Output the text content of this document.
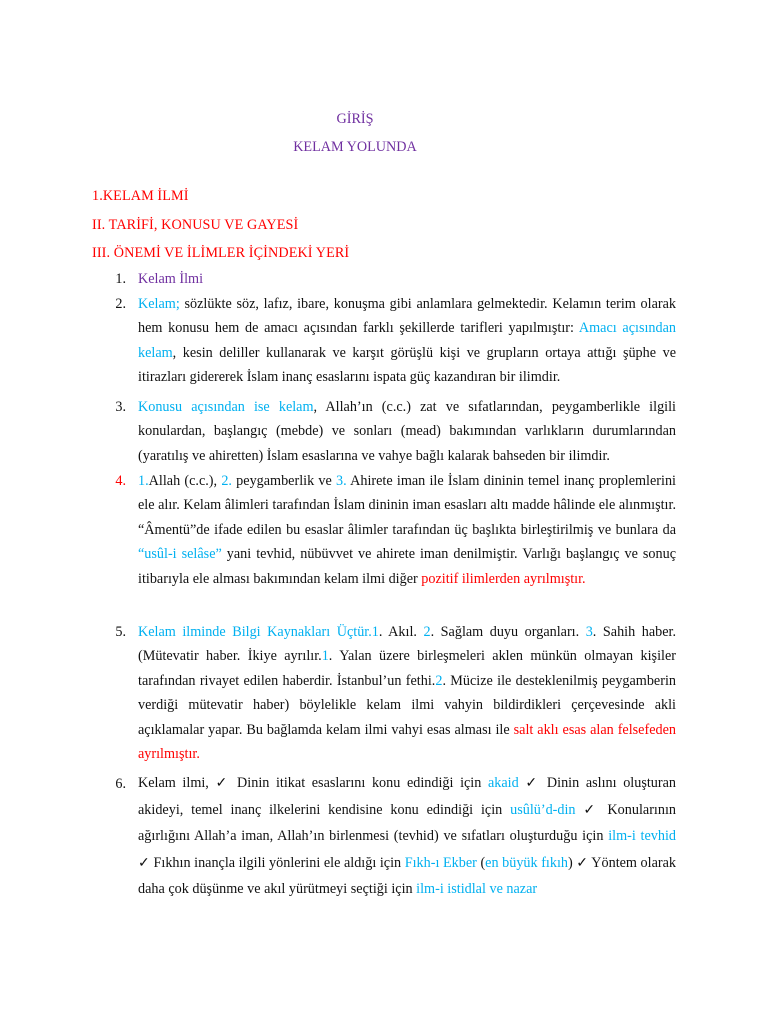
GİRİŞ
KELAM YOLUNDA
1.KELAM İLMİ
II. TARİFİ, KONUSU VE GAYESİ
III. ÖNEMİ VE İLİMLER İÇİNDEKİ YERİ
1. Kelam İlmi
2. Kelam; sözlükte söz, lafız, ibare, konuşma gibi anlamlara gelmektedir. Kelamın terim olarak hem konusu hem de amacı açısından farklı şekillerde tarifleri yapılmıştır: Amacı açısından kelam, kesin deliller kullanarak ve karşıt görüşlü kişi ve grupların ortaya attığı şüphe ve itirazları gidererek İslam inanç esaslarını ispata güç kazandıran bir ilimdir.
3. Konusu açısından ise kelam, Allah’ın (c.c.) zat ve sıfatlarından, peygamberlikle ilgili konulardan, başlangıç (mebde) ve sonları (mead) bakımından varlıkların durumlarından (yaratılış ve ahiretten) İslam esaslarına ve vahye bağlı kalarak bahseden bir ilimdir.
4. 1.Allah (c.c.), 2. peygamberlik ve 3. Ahirete iman ile İslam dininin temel inanç proplemlerini ele alır. Kelam âlimleri tarafından İslam dininin iman esasları altı madde hâlinde ele alınmıştır. “Âmentü”de ifade edilen bu esaslar âlimler tarafından üç başlıkta birleştirilmiş ve bunlara da “usûl-i selâse” yani tevhid, nübüvvet ve ahirete iman denilmiştir. Varlığı başlangıç ve sonuç itibarıyla ele alması bakımından kelam ilmi diğer pozitif ilimlerden ayrılmıştır.
5. Kelam ilminde Bilgi Kaynakları Üçtür.1. Akıl. 2. Sağlam duyu organları. 3. Sahih haber. (Mütevatir haber. İkiye ayrılır.1. Yalan üzere birleşmeleri aklen münkün olmayan kişiler tarafından rivayet edilen haberdir. İstanbul’un fethi.2. Mücize ile desteklenilmiş peygamberin verdiği mütevatir haber) böylelikle kelam ilmi vahyin bildirdikleri çerçevesinde akli açıklamalar yapar. Bu bağlamda kelam ilmi vahyi esas alması ile salt aklı esas alan felsefeden ayrılmıştır.
6. Kelam ilmi, ✓ Dinin itikat esaslarını konu edindiği için akaid ✓ Dinin aslını oluşturan akideyi, temel inanç ilkelerini kendisine konu edindiği için usûlü’d-din ✓ Konularının ağırlığını Allah’a iman, Allah’ın birlenmesi (tevhid) ve sıfatları oluşturduğu için ilm-i tevhid ✓ Fıkhın inançla ilgili yönlerini ele aldığı için Fıkh-ı Ekber (en büyük fıkıh) ✓ Yöntem olarak daha çok düşünme ve akıl yürütmeyi seçtiği için ilm-i istidlal ve nazar
